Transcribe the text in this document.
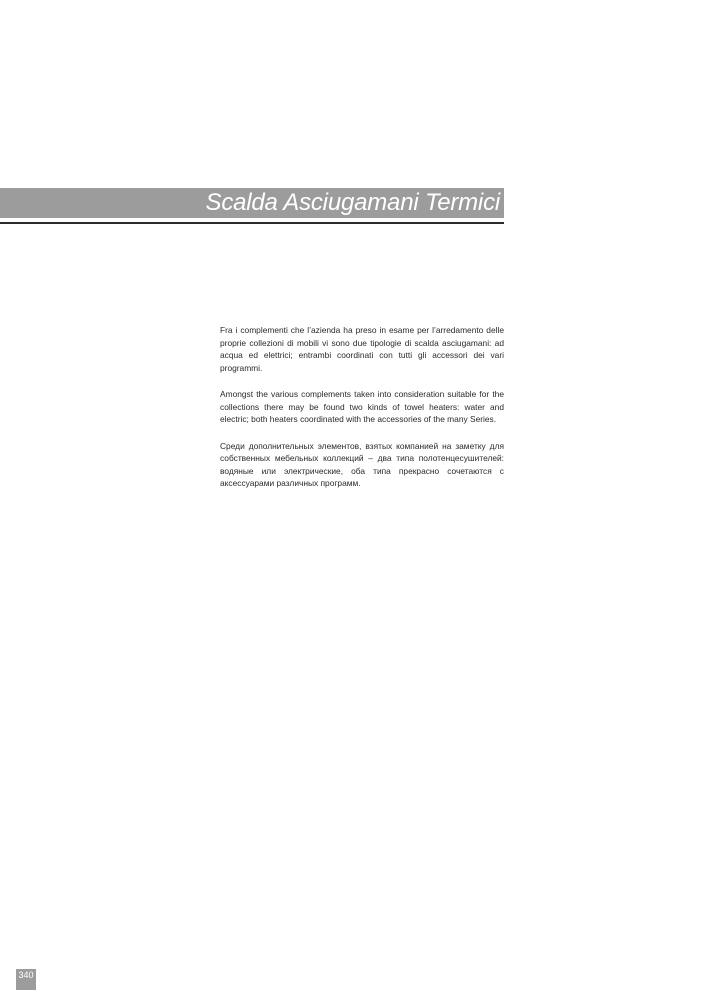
Scalda Asciugamani Termici

Fra i complementi che l’azienda ha preso in esame per l’arredamento delle proprie collezioni di mobili vi sono due tipologie di scalda asciugamani: ad acqua ed elettrici; entrambi coordinati con tutti gli accessori dei vari programmi.

Amongst the various complements taken into consideration suitable for the collections there may be found two kinds of towel heaters: water and electric; both heaters coordinated with the accessories of the many Series.

Среди дополнительных элементов, взятых компанией на заметку для собственных мебельных коллекций – два типа полотенцесушителей: водяные или электрические, оба типа прекрасно сочетаются с аксессуарами различных программ.

340
